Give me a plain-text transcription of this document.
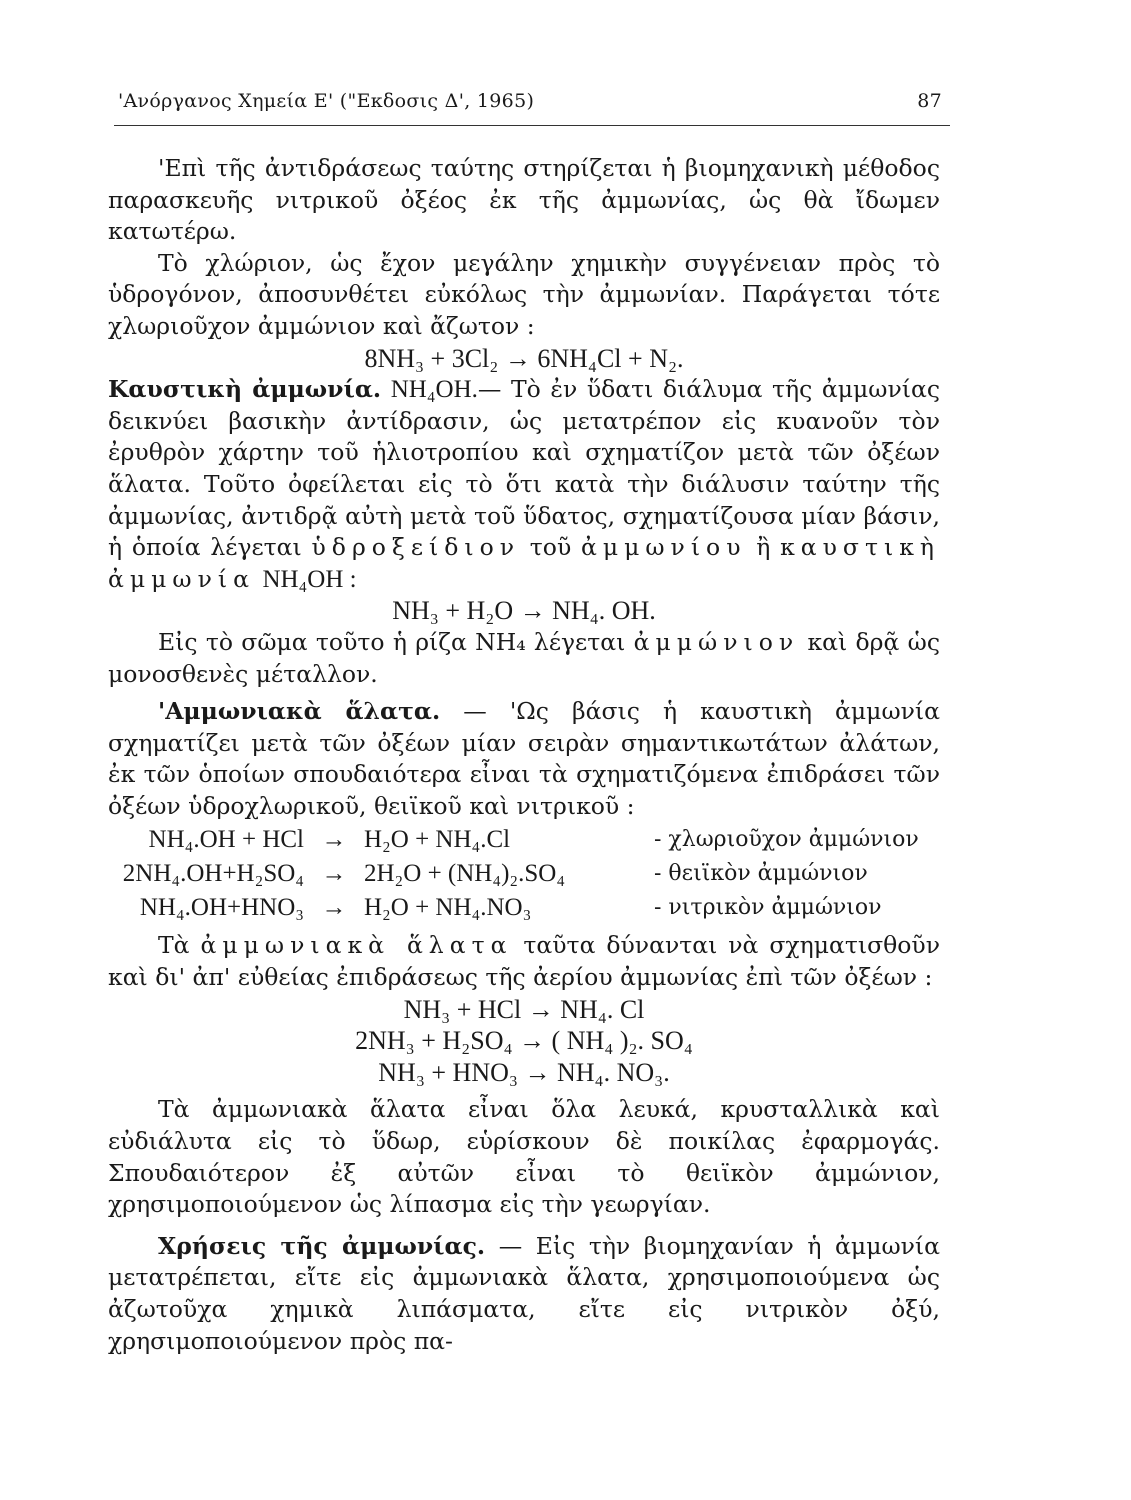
'Ανόργανος Χημεία Ε' ("Εκδοσις Δ', 1965)	87

'Επὶ τῆς ἀντιδράσεως ταύτης στηρίζεται ἡ βιομηχανικὴ μέθοδος παρασκευῆς νιτρικοῦ ὀξέος ἐκ τῆς ἀμμωνίας, ὡς θὰ ἴδωμεν κατωτέρω.

Τὸ χλώριον, ὡς ἔχον μεγάλην χημικὴν συγγένειαν πρὸς τὸ ὑδρογόνον, ἀποσυνθέτει εὐκόλως τὴν ἀμμωνίαν. Παράγεται τότε χλωριοῦχον ἀμμώνιον καὶ ἄζωτον :

8NH₃ + 3Cl₂ → 6NH₄Cl + N₂.

Καυστικὴ ἀμμωνία. NH₄OH.— Τὸ ἐν ὕδατι διάλυμα τῆς ἀμμωνίας δεικνύει βασικὴν ἀντίδρασιν, ὡς μετατρέπον εἰς κυανοῦν τὸν ἐρυθρὸν χάρτην τοῦ ἡλιοτροπίου καὶ σχηματίζον μετὰ τῶν ὀξέων ἅλατα. Τοῦτο ὀφείλεται εἰς τὸ ὅτι κατὰ τὴν διάλυσιν ταύτην τῆς ἀμμωνίας, ἀντιδρᾷ αὐτὴ μετὰ τοῦ ὕδατος, σχηματίζουσα μίαν βάσιν, ἡ ὁποία λέγεται ὑδροξείδιον τοῦ ἀμμωνίου ἢ καυστικὴ ἀμμωνία NH₄OH :

NH₃ + H₂O → NH₄. OH.

Εἰς τὸ σῶμα τοῦτο ἡ ρίζα NH₄ λέγεται ἀμμώνιον καὶ δρᾷ ὡς μονοσθενὲς μέταλλον.

'Αμμωνιακὰ ἅλατα. — 'Ως βάσις ἡ καυστικὴ ἀμμωνία σχηματίζει μετὰ τῶν ὀξέων μίαν σειρὰν σημαντικωτάτων ἀλάτων, ἐκ τῶν ὁποίων σπουδαιότερα εἶναι τὰ σχηματιζόμενα ἐπιδράσει τῶν ὀξέων ὑδροχλωρικοῦ, θειϊκοῦ καὶ νιτρικοῦ :

NH₄.OH + HCl	→	H₂O + NH₄.Cl	- χλωριοῦχον ἀμμώνιον
2NH₄.OH+H₂SO₄	→	2H₂O + (NH₄)₂.SO₄	- θειϊκὸν ἀμμώνιον
NH₄.OH+HNO₃	→	H₂O + NH₄.NO₃	- νιτρικὸν ἀμμώνιον

Τὰ ἀμμωνιακὰ ἅλατα ταῦτα δύνανται νὰ σχηματισθοῦν καὶ δι' ἀπ' εὐθείας ἐπιδράσεως τῆς ἀερίου ἀμμωνίας ἐπὶ τῶν ὀξέων :

NH₃ + HCl → NH₄. Cl

2NH₃ + H₂SO₄ → ( NH₄ )₂. SO₄

NH₃ + HNO₃ → NH₄. NO₃.

Τὰ ἀμμωνιακὰ ἅλατα εἶναι ὅλα λευκά, κρυσταλλικὰ καὶ εὐδιάλυτα εἰς τὸ ὕδωρ, εὑρίσκουν δὲ ποικίλας ἐφαρμογάς. Σπουδαιότερον ἐξ αὐτῶν εἶναι τὸ θειϊκὸν ἀμμώνιον, χρησιμοποιούμενον ὡς λίπασμα εἰς τὴν γεωργίαν.

Χρήσεις τῆς ἀμμωνίας. — Εἰς τὴν βιομηχανίαν ἡ ἀμμωνία μετατρέπεται, εἴτε εἰς ἀμμωνιακὰ ἅλατα, χρησιμοποιούμενα ὡς ἀζωτοῦχα χημικὰ λιπάσματα, εἴτε εἰς νιτρικὸν ὀξύ, χρησιμοποιούμενον πρὸς πα-
